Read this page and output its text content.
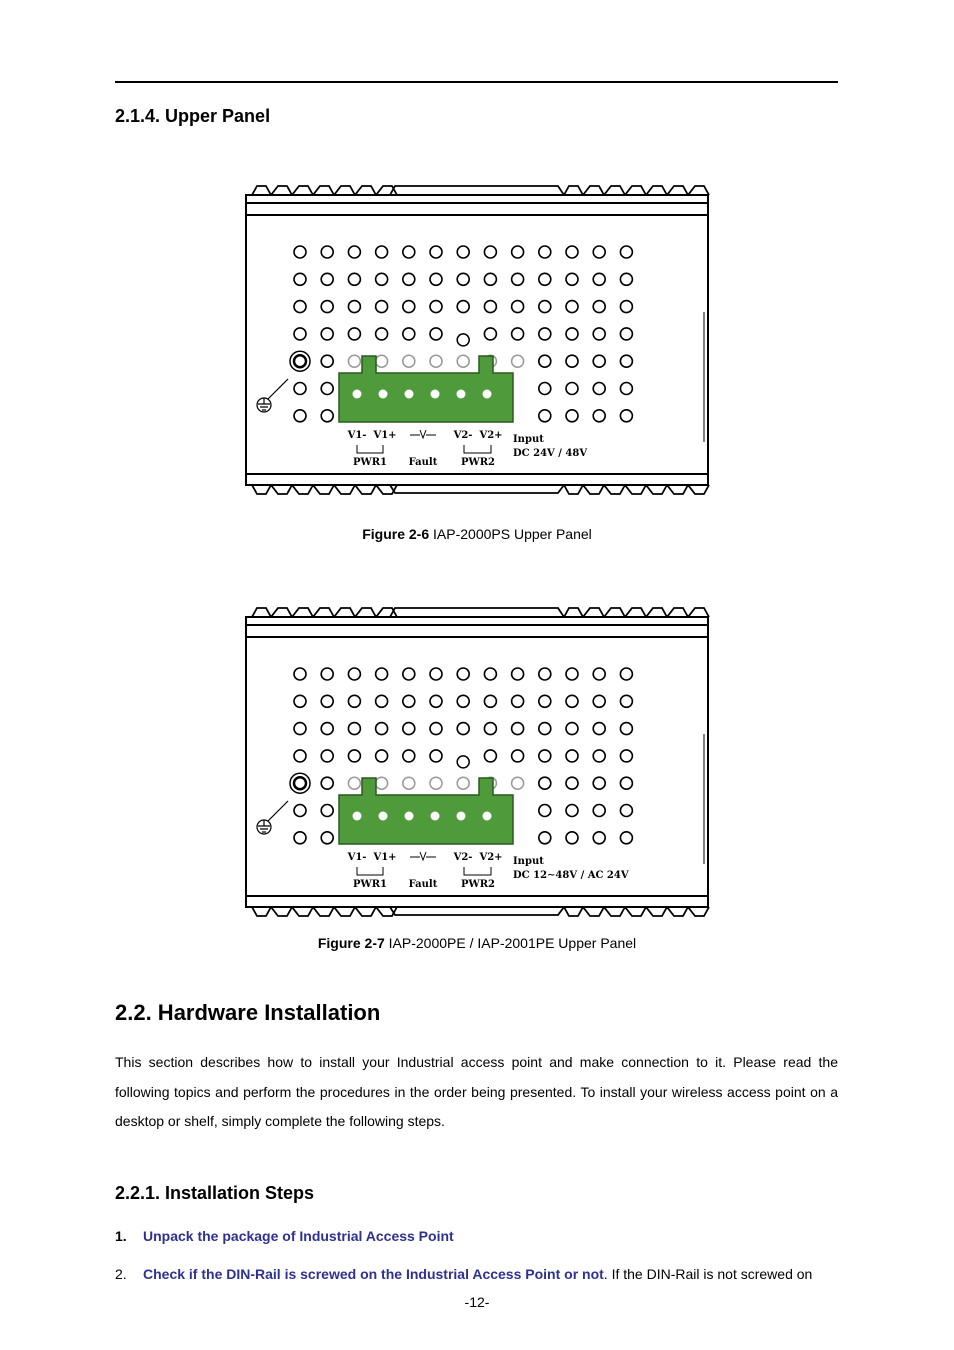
2.1.4. Upper Panel
V1- V1+	V2- V2+
PWR1 Fault PWR2
Input
DC 24V / 48V
Figure 2-6 IAP-2000PS Upper Panel
V1- V1+	V2- V2+
PWR1 Fault PWR2
Input
DC 12∼48V / AC 24V
Figure 2-7 IAP-2000PE / IAP-2001PE Upper Panel
2.2. Hardware Installation

This section describes how to install your Industrial access point and make connection to it. Please read the following topics and perform the procedures in the order being presented. To install your wireless access point on a desktop or shelf, simply complete the following steps.

2.2.1. Installation Steps
1. Unpack the package of Industrial Access Point
2. Check if the DIN-Rail is screwed on the Industrial Access Point or not. If the DIN-Rail is not screwed on
-12-
